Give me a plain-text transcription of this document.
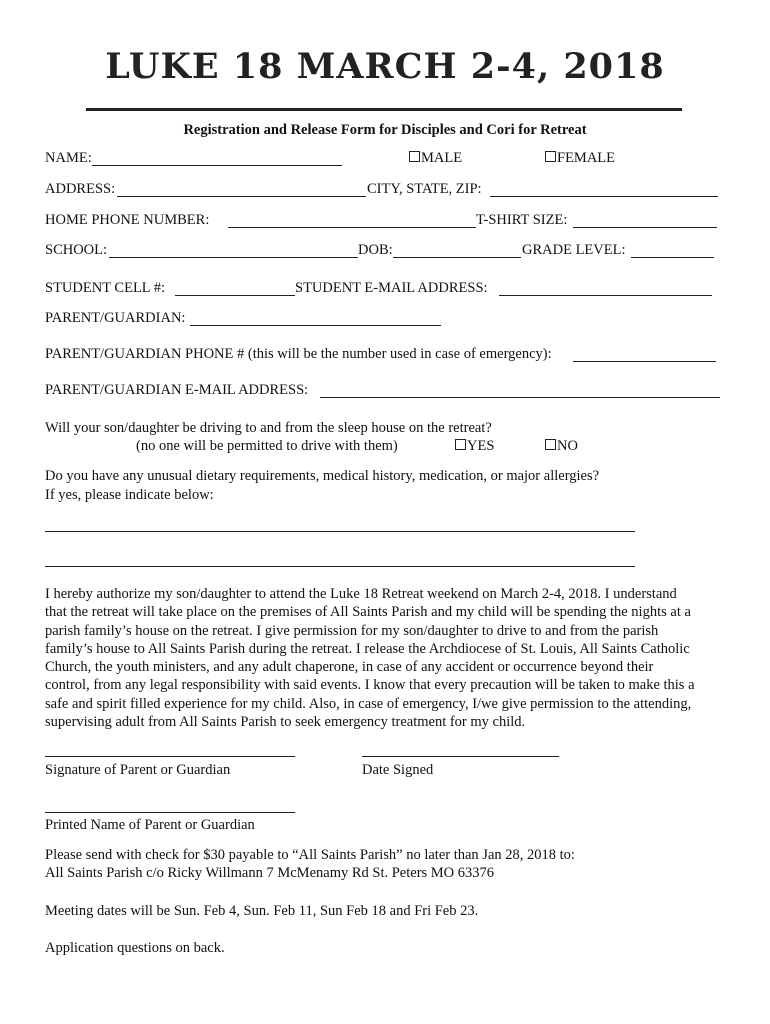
LUKE 18 MARCH 2-4, 2018
Registration and Release Form for Disciples and Cori for Retreat
NAME:	MALE	FEMALE
ADDRESS:	CITY, STATE, ZIP:
HOME PHONE NUMBER:	T-SHIRT SIZE:
SCHOOL:	DOB:	GRADE LEVEL:
STUDENT CELL #:	STUDENT E-MAIL ADDRESS:
PARENT/GUARDIAN:
PARENT/GUARDIAN PHONE # (this will be the number used in case of emergency):
PARENT/GUARDIAN E-MAIL ADDRESS:
Will your son/daughter be driving to and from the sleep house on the retreat?
(no one will be permitted to drive with them)	YES	NO
Do you have any unusual dietary requirements, medical history, medication, or major allergies?
If yes, please indicate below:
I hereby authorize my son/daughter to attend the Luke 18 Retreat weekend on March 2-4, 2018. I understand
that the retreat will take place on the premises of All Saints Parish and my child will be spending the nights at a
parish family’s house on the retreat. I give permission for my son/daughter to drive to and from the parish
family’s house to All Saints Parish during the retreat. I release the Archdiocese of St. Louis, All Saints Catholic
Church, the youth ministers, and any adult chaperone, in case of any accident or occurrence beyond their
control, from any legal responsibility with said events. I know that every precaution will be taken to make this a
safe and spirit filled experience for my child. Also, in case of emergency, I/we give permission to the attending,
supervising adult from All Saints Parish to seek emergency treatment for my child.
Signature of Parent or Guardian	Date Signed
Printed Name of Parent or Guardian
Please send with check for $30 payable to “All Saints Parish” no later than Jan 28, 2018 to:
All Saints Parish c/o Ricky Willmann 7 McMenamy Rd St. Peters MO 63376
Meeting dates will be Sun. Feb 4, Sun. Feb 11, Sun Feb 18 and Fri Feb 23.
Application questions on back.
